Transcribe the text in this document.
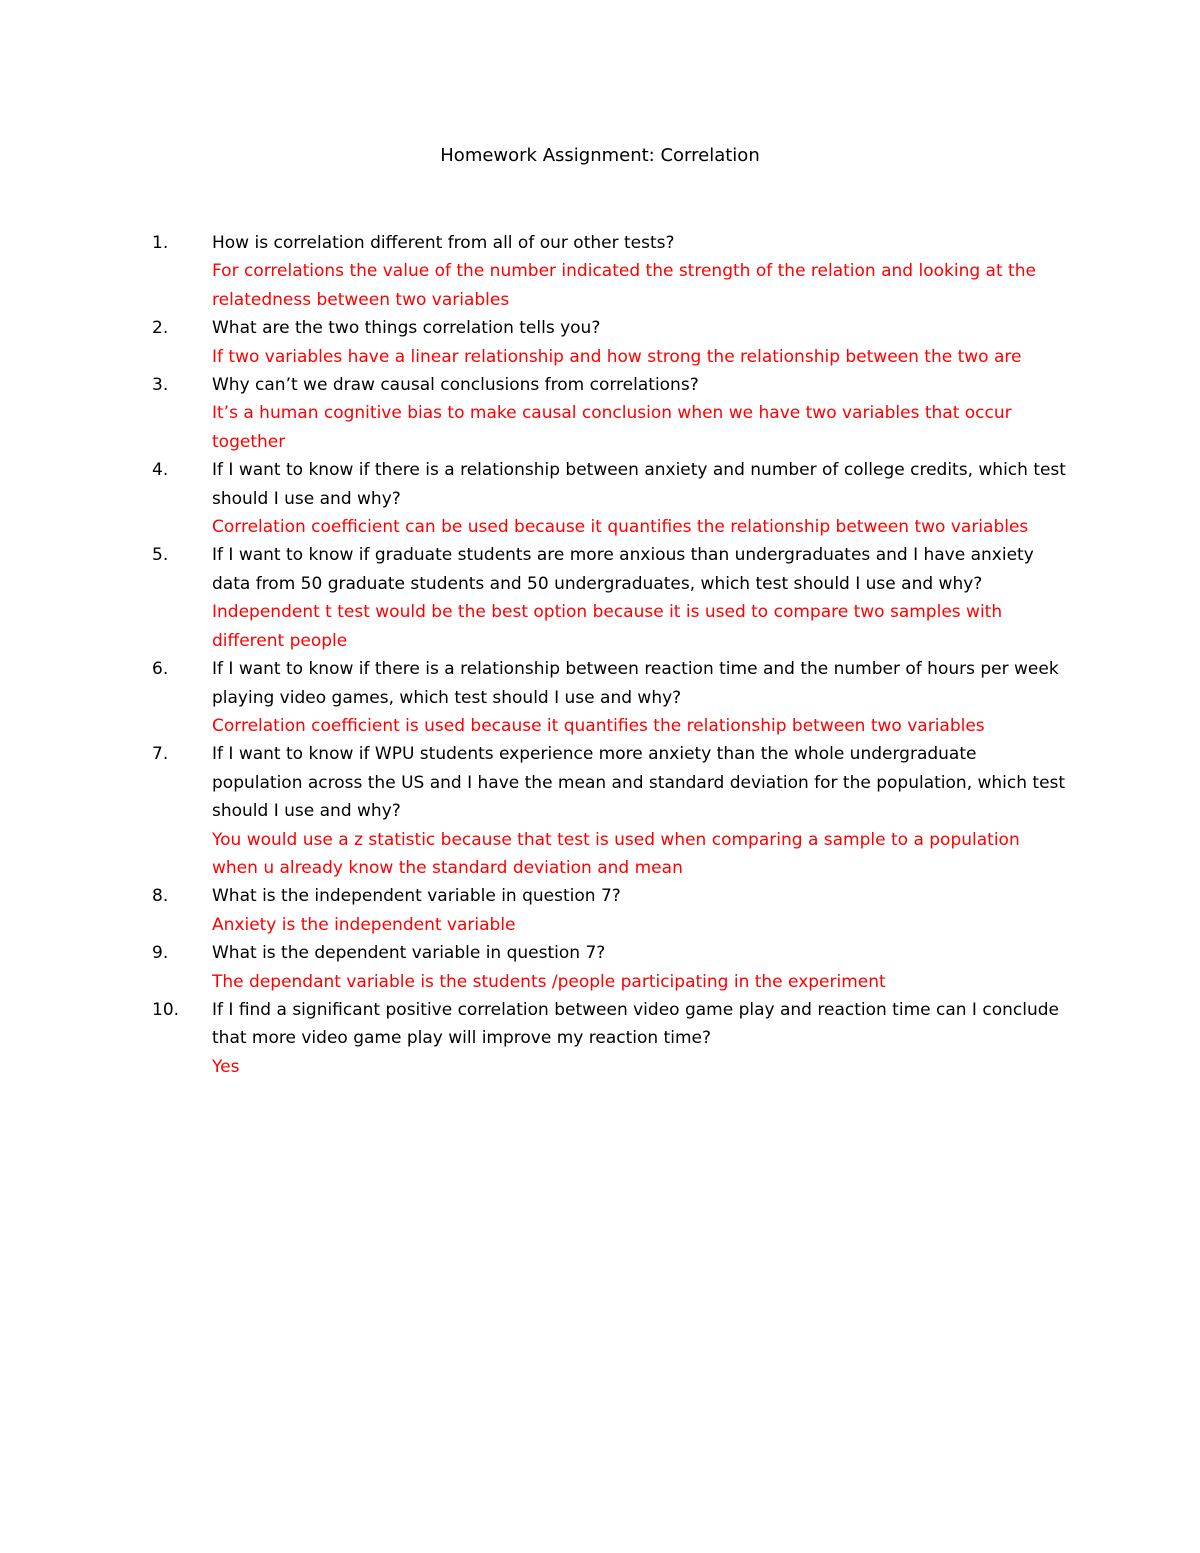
Homework Assignment: Correlation
1.	How is correlation different from all of our other tests?
For correlations the value of the number indicated the strength of the relation and looking at the relatedness between two variables
2.	What are the two things correlation tells you?
If two variables have a linear relationship and how strong the relationship between the two are
3.	Why can’t we draw causal conclusions from correlations?
It’s a human cognitive bias to make causal conclusion when we have two variables that occur together
4.	If I want to know if there is a relationship between anxiety and number of college credits, which test should I use and why?
Correlation coefficient can be used because it quantifies the relationship between two variables
5.	If I want to know if graduate students are more anxious than undergraduates and I have anxiety data from 50 graduate students and 50 undergraduates, which test should I use and why?
Independent t test would be the best option because it is used to compare two samples with different people
6.	If I want to know if there is a relationship between reaction time and the number of hours per week playing video games, which test should I use and why?
Correlation coefficient is used because it quantifies the relationship between two variables
7.	If I want to know if WPU students experience more anxiety than the whole undergraduate population across the US and I have the mean and standard deviation for the population, which test should I use and why?
You would use a z statistic because that test is used when comparing a sample to a population when u already know the standard deviation and mean
8.	What is the independent variable in question 7?
Anxiety is the independent variable
9.	What is the dependent variable in question 7?
The dependant variable is the students /people participating in the experiment
10.	If I find a significant positive correlation between video game play and reaction time can I conclude that more video game play will improve my reaction time?
Yes
